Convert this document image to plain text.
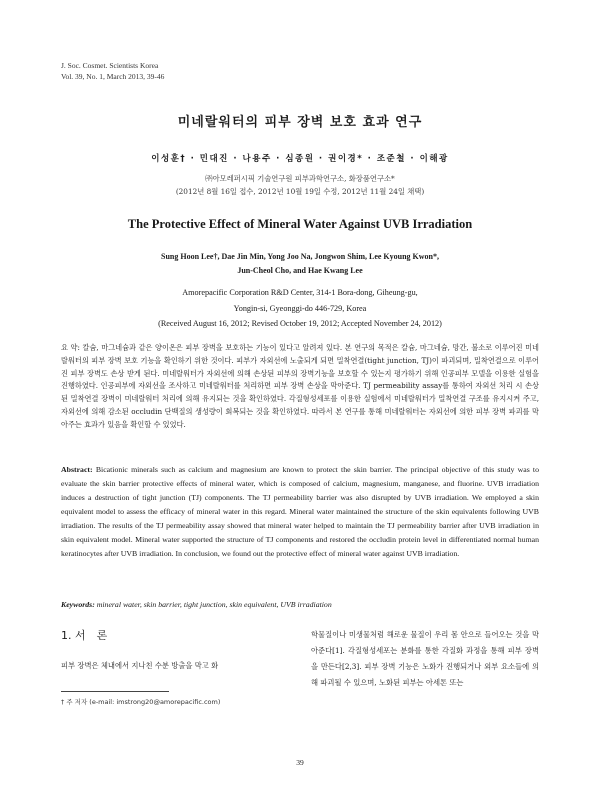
J. Soc. Cosmet. Scientists Korea
Vol. 39, No. 1, March 2013, 39-46
미네랄워터의 피부 장벽 보호 효과 연구
이성훈† · 민대진 · 나용주 · 심종원 · 권이경* · 조준철 · 이해광
㈜아모레퍼시픽 기술연구원 피부과학연구소, 화장품연구소*
(2012년 8월 16일 접수, 2012년 10월 19일 수정, 2012년 11월 24일 채택)
The Protective Effect of Mineral Water Against UVB Irradiation
Sung Hoon Lee†, Dae Jin Min, Yong Joo Na, Jongwon Shim, Lee Kyoung Kwon*,
Jun-Cheol Cho, and Hae Kwang Lee
Amorepacific Corporation R&D Center, 314-1 Bora-dong, Giheung-gu,
Yongin-si, Gyeonggi-do 446-729, Korea
(Received August 16, 2012; Revised October 19, 2012; Accepted November 24, 2012)
요 약: 칼슘, 마그네슘과 같은 양이온은 피부 장벽을 보호하는 기능이 있다고 알려져 있다. 본 연구의 목적은 칼슘, 마그네슘, 망간, 불소로 이루어진 미네랄워터의 피부 장벽 보호 기능을 확인하기 위한 것이다. 피부가 자외선에 노출되게 되면 밀착연결(tight junction, TJ)이 파괴되며, 밀착연결으로 이루어진 피부 장벽도 손상 받게 된다. 미네랄워터가 자외선에 의해 손상된 피부의 장벽기능을 보호할 수 있는지 평가하기 위해 인공피부 모델을 이용한 실험을 진행하였다. 인공피부에 자외선을 조사하고 미네랄워터를 처리하면 피부 장벽 손상을 막아준다. TJ permeability assay를 통하여 자외선 처리 시 손상된 밀착연결 장벽이 미네랄워터 처리에 의해 유지되는 것을 확인하였다. 각질형성세포를 이용한 실험에서 미네랄워터가 밀착연결 구조를 유지시켜 주고, 자외선에 의해 감소된 occludin 단백질의 생성량이 회복되는 것을 확인하였다. 따라서 본 연구를 통해 미네랄워터는 자외선에 의한 피부 장벽 파괴를 막아주는 효과가 있음을 확인할 수 있었다.
Abstract: Bicationic minerals such as calcium and magnesium are known to protect the skin barrier. The principal objective of this study was to evaluate the skin barrier protective effects of mineral water, which is composed of calcium, magnesium, manganese, and fluorine. UVB irradiation induces a destruction of tight junction (TJ) components. The TJ permeability barrier was also disrupted by UVB irradiation. We employed a skin equivalent model to assess the efficacy of mineral water in this regard. Mineral water maintained the structure of the skin equivalents following UVB irradiation. The results of the TJ permeability assay showed that mineral water helped to maintain the TJ permeability barrier after UVB irradiation in skin equivalent model. Mineral water supported the structure of TJ components and restored the occludin protein level in differentiated normal human keratinocytes after UVB irradiation. In conclusion, we found out the protective effect of mineral water against UVB irradiation.
Keywords: mineral water, skin barrier, tight junction, skin equivalent, UVB irradiation
1. 서　론
피부 장벽은 체내에서 지나친 수분 방출을 막고 화
학물질이나 미생물처럼 해로운 물질이 우리 몸 안으로 들어오는 것을 막아준다[1]. 각질형성세포는 분화를 통한 각질화 과정을 통해 피부 장벽을 만든다[2,3]. 피부 장벽 기능은 노화가 진행되거나 외부 요소들에 의해 파괴될 수 있으며, 노화된 피부는 아세톤 또는
† 주 저자 (e-mail: imstrong20@amorepacific.com)
39
